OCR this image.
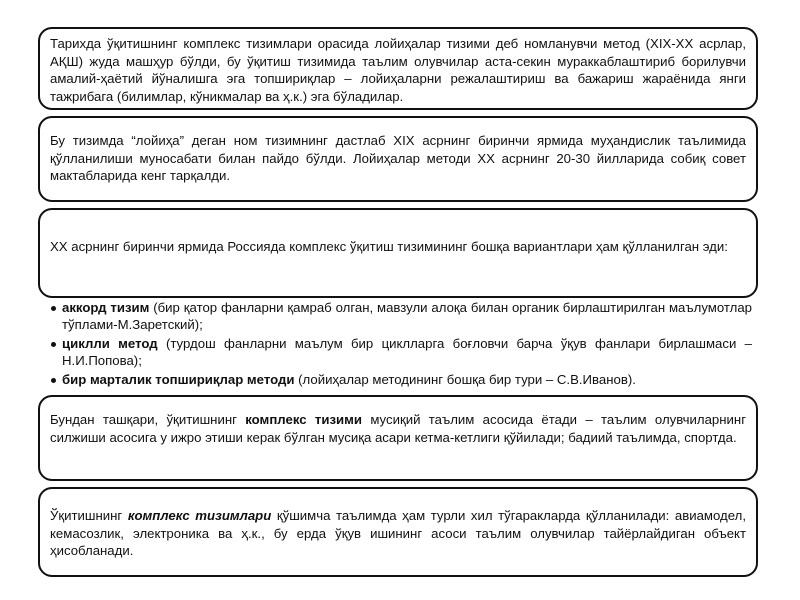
Тарихда ўқитишнинг комплекс тизимлари орасида лойиҳалар тизими деб номланувчи метод (XIX-XX асрлар, АҚШ) жуда машҳур бўлди, бу ўқитиш тизимида таълим олувчилар аста-секин мураккаблаштириб борилувчи амалий-ҳаётий йўналишга эга топшириқлар – лойиҳаларни режалаштириш ва бажариш жараёнида янги тажрибага (билимлар, кўникмалар ва ҳ.к.) эга бўладилар.
Бу тизимда “лойиҳа” деган ном тизимнинг дастлаб XIX асрнинг биринчи ярмида муҳандислик таълимида қўлланилиши муносабати билан пайдо бўлди. Лойиҳалар методи XX асрнинг 20-30 йилларида собиқ совет мактабларида кенг тарқалди.
XX асрнинг биринчи ярмида Россияда комплекс ўқитиш тизимининг бошқа вариантлари ҳам қўлланилган эди:
аккорд тизим (бир қатор фанларни қамраб олган, мавзули алоқа билан органик бирлаштирилган маълумотлар тўплами-М.Заретский);
циклли метод (турдош фанларни маълум бир циклларга боғловчи барча ўқув фанлари бирлашмаси – Н.И.Попова);
бир марталик топшириқлар методи (лойиҳалар методининг бошқа бир тури – С.В.Иванов).
Бундан ташқари, ўқитишнинг комплекс тизими мусиқий таълим асосида ётади – таълим олувчиларнинг силжиши асосига у ижро этиши керак бўлган мусиқа асари кетма-кетлиги қўйилади; бадиий таълимда, спортда.
Ўқитишнинг комплекс тизимлари қўшимча таълимда ҳам турли хил тўгаракларда қўлланилади: авиамодел, кемасозлик, электроника ва ҳ.к., бу ерда ўқув ишининг асоси таълим олувчилар тайёрлайдиган объект ҳисобланади.
